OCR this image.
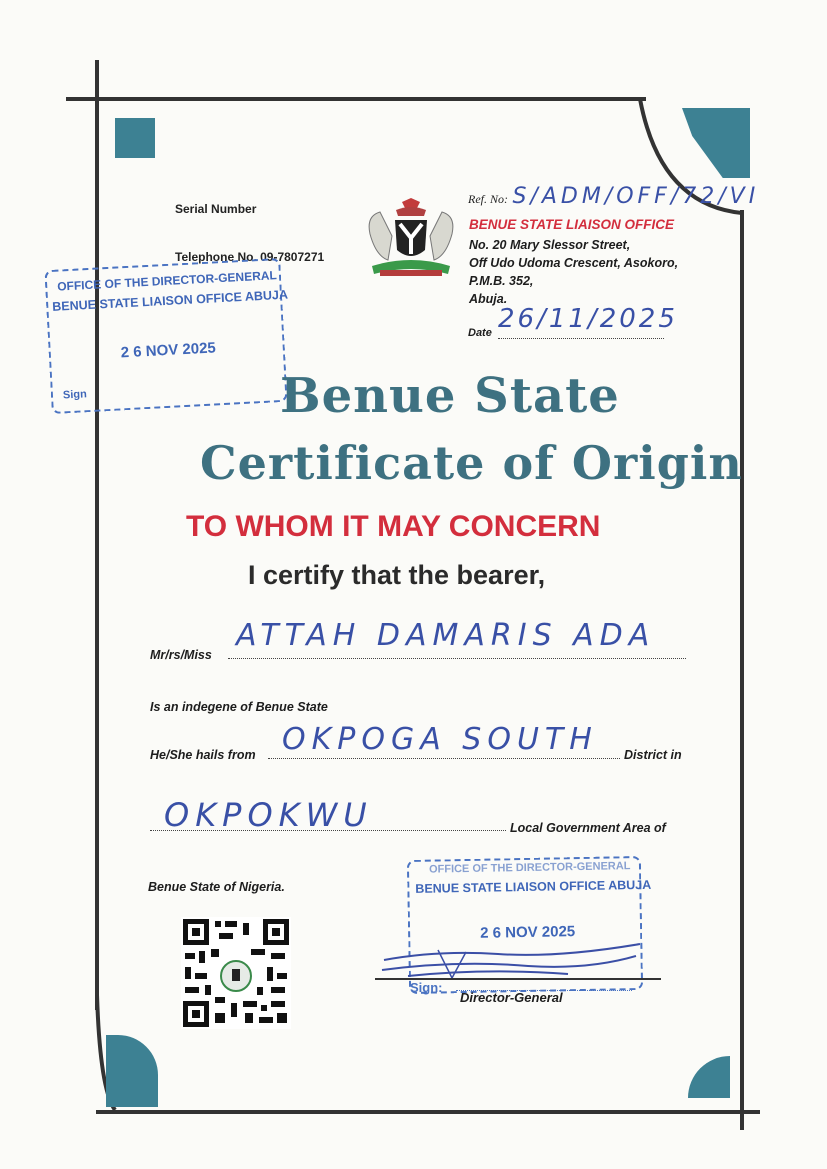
Serial Number
Telephone No. 09-7807271
Ref. No: S/ADM/OFF/72/VI
BENUE STATE LIAISON OFFICE
No. 20 Mary Slessor Street,
Off Udo Udoma Crescent, Asokoro,
P.M.B. 352,
Abuja.
Date 26/11/2025
OFFICE OF THE DIRECTOR-GENERAL
BENUE STATE LIAISON OFFICE ABUJA
2 6 NOV 2025
Sign	Benue State
Certificate of Origin
TO WHOM IT MAY CONCERN
I certify that the bearer,
Mr/rs/Miss
ATTAH DAMARIS ADA
Is an indegene of Benue State
He/She hails from OKPOGA SOUTH District in
OKPOKWU	Local Government Area of
Benue State of Nigeria.
OFFICE OF THE DIRECTOR-GENERAL
BENUE STATE LIAISON OFFICE ABUJA
2 6 NOV 2025
Sign:
Director-General
